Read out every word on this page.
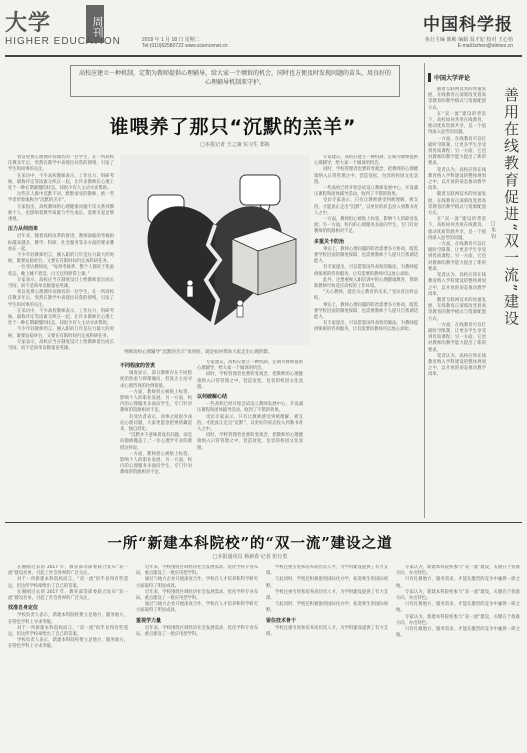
大学	周刊
HIGHER EDUCATION	2018 年 1 月 18 日 星期二
Tel:(010)62580722 www.sciencenet.cn
中国科学报
执行主编 陈彬 编辑 温才妃 校对 王心怡
E-mail:bzhen@stimes.cn
高校应建立一种机制，定期为教师提供心理辅导，给大家一个倾诉的机会，同时也方便及时发现问题的苗头，用良好的心理辅导机制来守护。
谁喂养了那只“沉默的羔羊”
□本报记者 王之康 实习生 郑栋

曾以免费心理测评而闻名的一位学生，在一所高校任教多年后，突然在教学中表现出异常的情绪，引发了学生和同事的关注。

在采访中，不少高校教师表示，工作压力、科研考核、职称评定等因素交织在一起，让许多教师在心理上处于一种长期紧绷的状态，却很少有人主动寻求帮助。

这些在人群中沉默不语、默默承受的教师，被一些学者形象地称为“沉默的羔羊”。

专家指出，高校教师的心理健康问题不仅关系到教师个人，也影响着教学质量与学生成长，需要引起足够重视。

压力从何而来

近年来，随着高校改革的推进，教师面临的考核指标越来越多，教学、科研、社会服务等多方面的要求叠加在一起。

不少年轻教师坦言，刚入职的几年是压力最大的时候，既要站稳讲台，又要在有限时间内完成科研任务。

一位受访教师说，“每到考核季，整个人都处于焦虑状态，晚上睡不着觉，白天还得照常上课。”

专家表示，高校应当在制度设计上给教师留出成长空间，而不是简单以数量论英雄。

曾以免费心理测评而闻名的一位学生，在一所高校任教多年后，突然在教学中表现出异常的情绪，引发了学生和同事的关注。

在采访中，不少高校教师表示，工作压力、科研考核、职称评定等因素交织在一起，让许多教师在心理上处于一种长期紧绷的状态，却很少有人主动寻求帮助。

不少年轻教师坦言，刚入职的几年是压力最大的时候，既要站稳讲台，又要在有限时间内完成科研任务。

专家表示，高校应当在制度设计上给教师留出成长空间，而不是简单以数量论英雄。

判断高校心理辅导“沉默的羔羊”说到底，就是如何帮助大家走出心理阴影。
不同程度的苦衷

调查显示，部分教师存在不同程度的焦虑与抑郁倾向，但真正主动寻求心理咨询的比例很低。

一方面，教师担心被贴上标签，影响个人的职业发展；另一方面，校内的心理服务多面向学生，专门针对教师的资源相对不足。

有受访者表示，同事之间很少谈论心理问题，大家更愿意把情绪藏起来，独自消化。

“沉默并不意味着没有问题，而是问题被掩盖了。”一位心理学专业的教授这样说。

一方面，教师担心被贴上标签，影响个人的职业发展；另一方面，校内的心理服务多面向学生，专门针对教师的资源相对不足。

专家建议，高校应建立一种机制，定期为教师提供心理辅导，给大家一个倾诉的机会。

同时，学校管理者也要转变观念，把教师的心理健康纳入日常管理之中，营造宽松、包容的校园文化氛围。

以何破解心结

一些高校已经开始尝试设立教师发展中心，开设减压课程和团体辅导活动，收到了不错的效果。

受访专家表示，只有让教师感受到被理解、被支持，才能真正走出“沉默”，以更好的状态投入到教书育人之中。

同时，学校管理者也要转变观念，把教师的心理健康纳入日常管理之中，营造宽松、包容的校园文化氛围。

专家建议，高校应建立一种机制，定期为教师提供心理辅导，给大家一个倾诉的机会。

同时，学校管理者也要转变观念，把教师的心理健康纳入日常管理之中，营造宽松、包容的校园文化氛围。

一些高校已经开始尝试设立教师发展中心，开设减压课程和团体辅导活动，收到了不错的效果。

受访专家表示，只有让教师感受到被理解、被支持，才能真正走出“沉默”，以更好的状态投入到教书育人之中。

一方面，教师担心被贴上标签，影响个人的职业发展；另一方面，校内的心理服务多面向学生，专门针对教师的资源相对不足。

多重关卡防治

事实上，教师心理问题的防治需要多方协同，既需要学校层面的制度保障，也需要教师个人提升自我调适能力。

有专家提出，可以借鉴国外高校的做法，为教师提供保密的咨询服务，让有需要的教师可以放心求助。

此外，还要重视入职培训中的心理健康教育，帮助新教师尽快适应高校的工作环境。

“关心教师，就是关心教育的未来。”受访者这样总结。

事实上，教师心理问题的防治需要多方协同，既需要学校层面的制度保障，也需要教师个人提升自我调适能力。

有专家提出，可以借鉴国外高校的做法，为教师提供保密的咨询服务，让有需要的教师可以放心求助。

中国大学评论
善用在线教育促进“双一流”建设
□朱 钧

随着互联网技术的快速发展，在线教育正深刻改变着高等教育的教学模式与资源配置方式。

在“双一流”建设的背景下，高校如何善用在线教育，推动优质资源共享，是一个值得深入思考的问题。

一方面，在线教育可以打破时空限制，让更多学生享受到优质课程；另一方面，它也对教师的教学能力提出了新的要求。

笔者认为，高校应将在线教育纳入学科建设的整体规划之中，以开放的姿态推动教学改革。

随着互联网技术的快速发展，在线教育正深刻改变着高等教育的教学模式与资源配置方式。

在“双一流”建设的背景下，高校如何善用在线教育，推动优质资源共享，是一个值得深入思考的问题。

一方面，在线教育可以打破时空限制，让更多学生享受到优质课程；另一方面，它也对教师的教学能力提出了新的要求。

笔者认为，高校应将在线教育纳入学科建设的整体规划之中，以开放的姿态推动教学改革。

随着互联网技术的快速发展，在线教育正深刻改变着高等教育的教学模式与资源配置方式。

一方面，在线教育可以打破时空限制，让更多学生享受到优质课程；另一方面，它也对教师的教学能力提出了新的要求。

笔者认为，高校应将在线教育纳入学科建设的整体规划之中，以开放的姿态推动教学改革。

一所“新建本科院校”的“双一流”建设之道
□本报通讯员 杨新春 记者 张行勇

在刚刚过去的 2017 年，教育部等部委联合发布“双一流”建设名单，引起了社会各界的广泛关注。

对于一所新建本科院校而言，“双一流”似乎显得有些遥远，但这所学校却给出了自己的答案。

在刚刚过去的 2017 年，教育部等部委联合发布“双一流”建设名单，引起了社会各界的广泛关注。

找准自身定位

学校负责人表示，新建本科院校要立足地方、服务地方，在特色学科上寻求突破。

对于一所新建本科院校而言，“双一流”似乎显得有些遥远，但这所学校却给出了自己的答案。

学校负责人表示，新建本科院校要立足地方、服务地方，在特色学科上寻求突破。

近年来，学校围绕区域经济社会发展需求，优化学科专业布局，重点建设了一批应用型学科。

通过与地方企业开展深度合作，学校在人才培养和科学研究方面取得了明显成效。

近年来，学校围绕区域经济社会发展需求，优化学科专业布局，重点建设了一批应用型学科。

通过与地方企业开展深度合作，学校在人才培养和科学研究方面取得了明显成效。

重视学力量

近年来，学校围绕区域经济社会发展需求，优化学科专业布局，重点建设了一批应用型学科。

学校注重引进和培养高层次人才，为学科建设提供了有力支撑。

与此同时，学校还积极推进国际化办学，拓宽师生的国际视野。

学校注重引进和培养高层次人才，为学科建设提供了有力支撑。

与此同时，学校还积极推进国际化办学，拓宽师生的国际视野。

留住技术骨干

学校注重引进和培养高层次人才，为学科建设提供了有力支撑。

专家认为，新建本科院校参与“双一流”建设，关键在于找准方向、办出特色。

只有扎根地方、服务需求，才能在激烈的竞争中赢得一席之地。

专家认为，新建本科院校参与“双一流”建设，关键在于找准方向、办出特色。

只有扎根地方、服务需求，才能在激烈的竞争中赢得一席之地。

专家认为，新建本科院校参与“双一流”建设，关键在于找准方向、办出特色。

只有扎根地方、服务需求，才能在激烈的竞争中赢得一席之地。
